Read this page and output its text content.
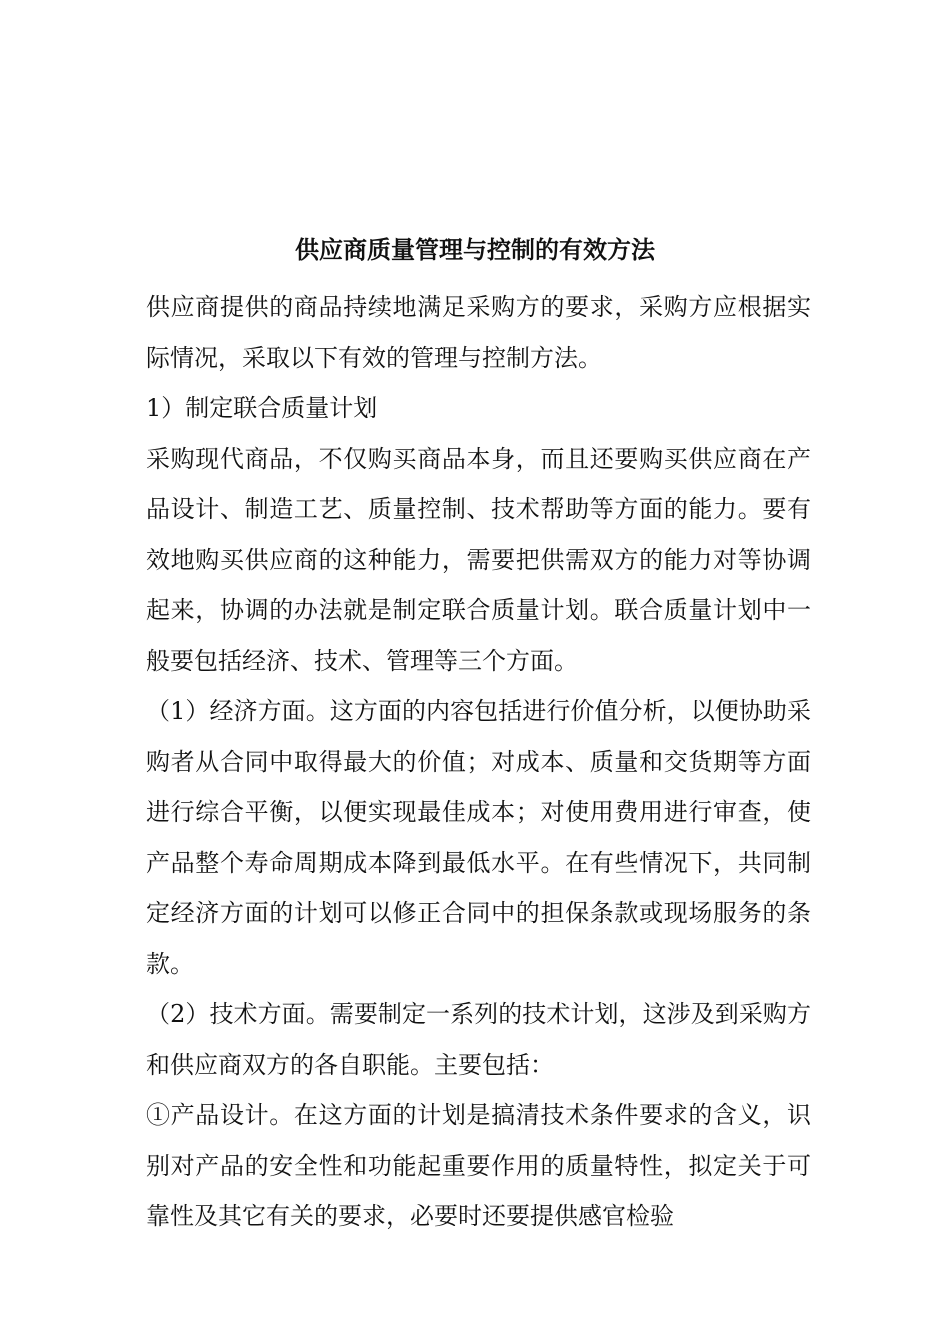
供应商质量管理与控制的有效方法

供应商提供的商品持续地满足采购方的要求，采购方应根据实际情况，采取以下有效的管理与控制方法。

1）制定联合质量计划

采购现代商品，不仅购买商品本身，而且还要购买供应商在产品设计、制造工艺、质量控制、技术帮助等方面的能力。要有效地购买供应商的这种能力，需要把供需双方的能力对等协调起来，协调的办法就是制定联合质量计划。联合质量计划中一般要包括经济、技术、管理等三个方面。

（1）经济方面。这方面的内容包括进行价值分析，以便协助采购者从合同中取得最大的价值；对成本、质量和交货期等方面进行综合平衡，以便实现最佳成本；对使用费用进行审查，使产品整个寿命周期成本降到最低水平。在有些情况下，共同制定经济方面的计划可以修正合同中的担保条款或现场服务的条款。

（2）技术方面。需要制定一系列的技术计划，这涉及到采购方和供应商双方的各自职能。主要包括：

①产品设计。在这方面的计划是搞清技术条件要求的含义，识别对产品的安全性和功能起重要作用的质量特性，拟定关于可靠性及其它有关的要求，必要时还要提供感官检验
